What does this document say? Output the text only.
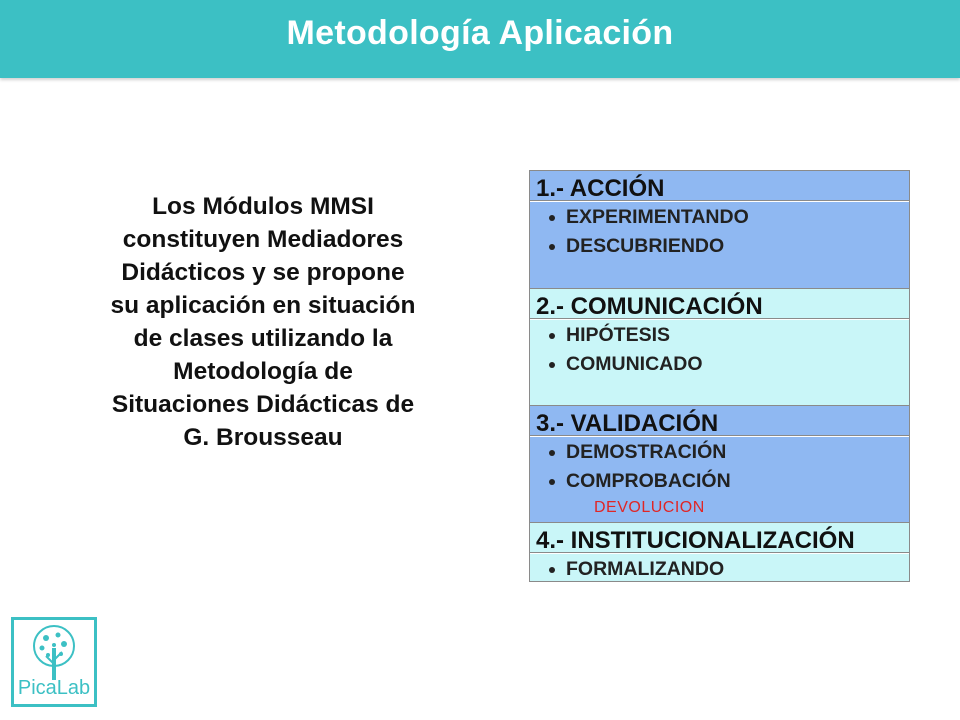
Metodología Aplicación
Los Módulos MMSI
constituyen Mediadores
Didácticos y se propone
su aplicación en situación
de clases utilizando la
Metodología de
Situaciones Didácticas de
G. Brousseau
1.- ACCIÓN
EXPERIMENTANDO
DESCUBRIENDO
2.- COMUNICACIÓN
HIPÓTESIS
COMUNICADO
3.- VALIDACIÓN
DEMOSTRACIÓN
COMPROBACIÓN
DEVOLUCION
4.- INSTITUCIONALIZACIÓN
FORMALIZANDO
PicaLab
